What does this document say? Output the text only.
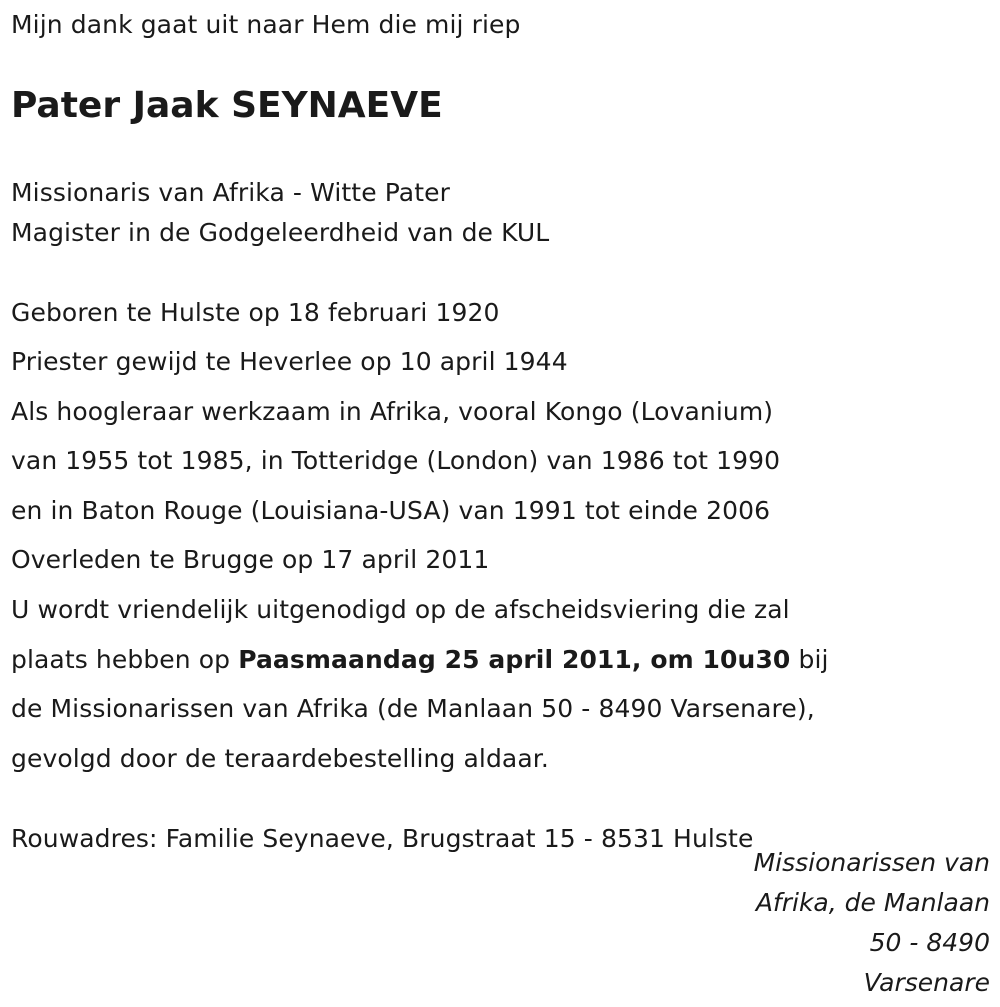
Mijn dank gaat uit naar Hem die mij riep
Pater Jaak SEYNAEVE
Missionaris van Afrika - Witte Pater
Magister in de Godgeleerdheid van de KUL
Geboren te Hulste op 18 februari 1920
Priester gewijd te Heverlee op 10 april 1944
Als hoogleraar werkzaam in Afrika, vooral Kongo (Lovanium)
van 1955 tot 1985, in Totteridge (London) van 1986 tot 1990
en in Baton Rouge (Louisiana-USA) van 1991 tot einde 2006
Overleden te Brugge op 17 april 2011
U wordt vriendelijk uitgenodigd op de afscheidsviering die zal
plaats hebben op Paasmaandag 25 april 2011, om 10u30 bij
de Missionarissen van Afrika (de Manlaan 50 - 8490 Varsenare),
gevolgd door de teraardebestelling aldaar.
Rouwadres: Familie Seynaeve, Brugstraat 15 - 8531 Hulste
Missionarissen van
Afrika, de Manlaan
50 - 8490
Varsenare
